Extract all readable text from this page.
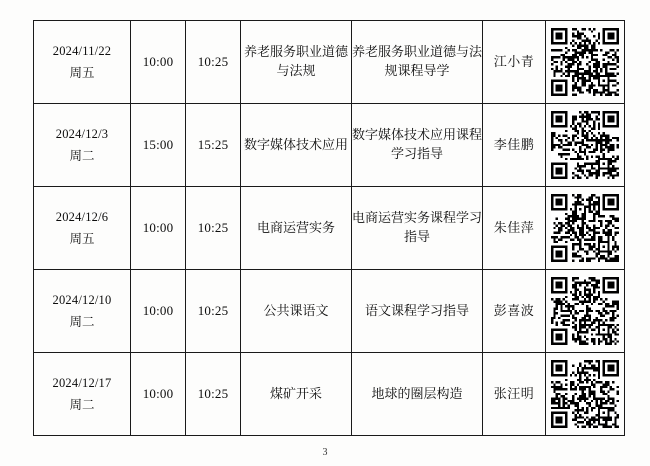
2024/11/22
周五	10:00	10:25	养老服务职业道德与法规	养老服务职业道德与法规课程导学	江小青	

2024/12/3
周二	15:00	15:25	数字媒体技术应用	数字媒体技术应用课程学习指导	李佳鹏	

2024/12/6
周五	10:00	10:25	电商运营实务	电商运营实务课程学习指导	朱佳萍	

2024/12/10
周二	10:00	10:25	公共课语文	语文课程学习指导	彭喜波	

2024/12/17
周二	10:00	10:25	煤矿开采	地球的圈层构造	张汪明	
3
